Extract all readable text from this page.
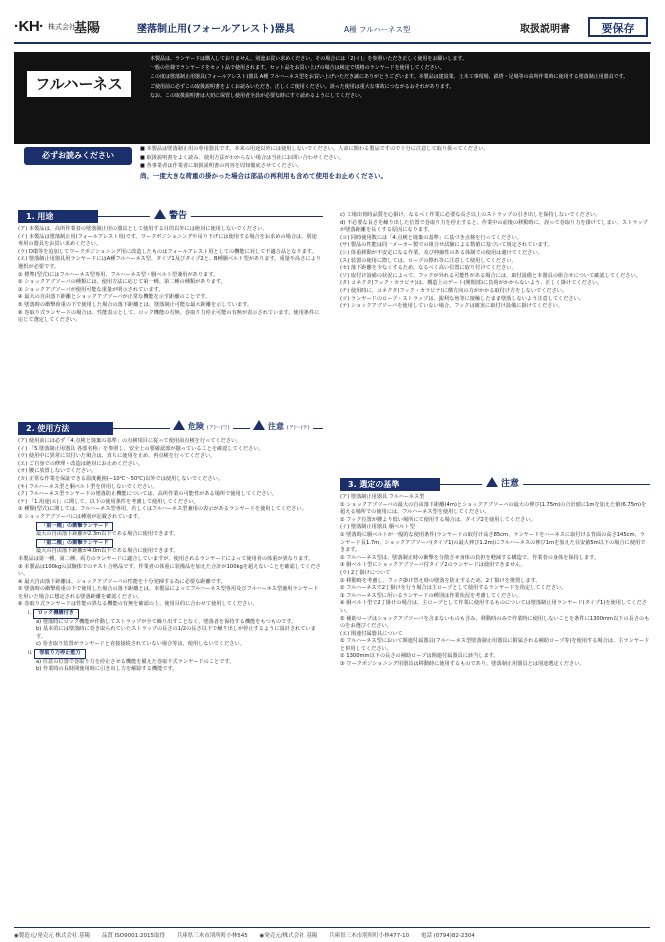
·KH· 株式会社
基陽	墜落制止用(フォールアレスト)器具	A種 フルハーネス型	取扱説明書	要保存
フルハーネス

本製品は、ランヤードは購入しておりません。別途お買い求めください。その場合には「2(イ)」を参照いただき正しく使用をお願いします。

一般の仕様でランヤードをセット品で使用されます。セット品をお買い上げの場合は検定で規格のランヤードを使用してください。

この度は墜落制止用器具(フォールアレスト)器具 A種 フルハーネス型をお買い上げいただき誠にありがとうございます。本製品は建設業、土木工事現場、鉄塔・足場等の高所作業時に使用する墜落制止用器具です。

ご使用前に必ずこの取扱説明書をよくお読みいただき、正しくご使用ください。誤った使用は重大な事故につながるおそれがあります。

なお、この取扱説明書は大切に保管し使用者全員が必要な時にすぐ読めるようにしてください。

必ずお読みください

■ 本製品は墜落制止用の専用器具です。本来の用途以外には使用しないでください。人命に関わる製品ですので十分に注意して取り扱ってください。

■ 取扱説明書をよく読み、使用方法がわからない場合は当社にお問い合わせください。

■ 各事業者は作業者に取扱説明書の内容を周知徹底させてください。

尚、一度大きな荷重の掛かった場合は部品の再利用も含めて使用をお止めください。

1. 用途	警告

(ア) 本製品は、高所作業者の墜落制止用の器具として使用する目的以外には絶対に使用しないでください。

(イ) 本製品は墜落制止用(フォールアレスト用)です。ワークポジショニングや吊り下げには使用する場合をお求めの場合は、別途 専用の器具をお買い求めください。

(ウ) D環等を追加してワークポジショニング用に改造したものはフォールアレスト用としての機能に対して不適合品となります。

(エ) 墜落制止用器具用ランヤードにはA種フルハーネス型、タイプ1及びタイプ2と、B種胴ベルト型があります。重量や高さにより選択が必要です。

① 標準(型式)にはフルハーネス型専用、フルハーネス型・胴ベルト型兼用があります。

② ショックアブソーバの種類には、使用方法に応じて第一種、第二種の種類があります。

③ ショックアブソーバが使用可能な重量が明示されています。

④ 最大の自由落下距離とショックアブソーバが正常な機能を示す距離のことです。

⑤ 墜落時の衝撃荷重の下で使用した場合の落下距離とは、墜落制止可能な最大距離を示しています。

⑥ 巻取り式ランヤードの場合は、性能表示として、ロック機能の有無、巻取り力停止可能の有無が表示されています。使用条件に応じて選定してください。

2. 使用方法	危険 (ア)～(ワ)	注意 (ヲ)～(テ)

(ア) 使用前には必ず「4.点検と廃棄の基準」の点検項目に従って使用前点検を行ってください。

(イ) 「5.墜落制止用器具 各部名称」を参照し、安全上の要確認部が揃っていることを確認してください。

(ウ) 使用中に異常に気付いた場合は、直ちに使用を止め、再点検を行ってください。

(エ) ご自身での修理・改造は絶対にお止めください。

(オ) 腰に放置しないでください。

(カ) 正常な作業を保証できる温度範囲(−10℃〜50℃)以外では使用しないでください。

(キ) フルハーネス型と胴ベルト型を併用しないでください。

(ク) フルハーネス型ランヤードの墜落防止機能については、高所作業の可能性がある場所で使用してください。

(ケ) 「1.用途(エ)」に関して、以下の使用条件を考慮して使用してください。

① 種類(型式)に関しては、フルハーネス型専用、若しくはフルハーネス型兼用の表示があるランヤードを使用してください。

② ショックアブソーバには種別が記載されています。

「第一種」の衝撃ランヤード

最大の自由落下距離が2.3m以下である場合に使用できます。

「第二種」の衝撃ランヤード

最大の自由落下距離が4.0m以下である場合に使用できます。

本製品は第一種、第二種、両方のランヤードに適合していますが、使用されるランヤードによって使用者の体重が異なります。

③ 本製品は100kgの試験体でのテスト合格品です。作業者の体重に装備品を加えた合計が100kgを超えないことを確認してください。

④ 最大自由落下距離は、ショックアブソーバの性能を十分発揮する為に必要な距離です。

⑤ 墜落時の衝撃荷重の下で使用した場合の落下距離とは、本製品によってフルハーネス型専用及びフルハーネス型兼用ランヤードを用いた場合に想定される墜落距離を確認ください。

⑥ 巻取り式ランヤードは性能の異なる機能の有無を確認の上、使用目的に合わせて使用してください。

i. ロック機構付き

a) 墜落時にロック機能が作動してストラップが全て繰り出すことなく、墜落者を保持する機能をもつものです。

b) 基本的には墜落時に巻き取られていたストラップの長さの1/2の長さ以下で繰り出しが停止するように設計されています。

c) 巻き取り装置がランヤードと直接接続されていない場合等は、使用しないでください。

ii. 巻取り力停止能力

a) 任意の位置で巻取り力を停止させる機能を備えた巻取り式ランヤードのことです。

b) 作業時の長時間使用時に引き出し力を解除する機能です。

c) 工場出荷時品質を心掛け、なるべく作業に必要な長さ以上のストラップの引き出しを保持しないでください。

d) 不必要な長さを繰り出した位置で巻取り力を停止すると、作業中の前後の移動時に、誤って巻取り力を掛けてしまい、ストラップが墜落距離を長くする原因になります。

(コ) 同時使用数には「4.点検と廃棄の基準」に基づき点検を行ってください。

(サ) 製品の性能は同一メーカー製での組合せ試験による数値に基づいて規定されています。

(シ) 体重移動が不安定になる作業、及び伸縮性のある体制での使用は避けてください。

(ス) 装置の使用に際しては、ロープの擦れ等に注意して使用してください。

(セ) 落下距離を少なくするため、なるべく高い位置に取り付けてください。

(ソ) 取付け設備の状況によって、フックが外れる可能性がある場合には、取付設備と本器具の組合せについて確認してください。

(タ) コネクタ(フック・カラビナ)は、構造上のゲート(開閉部)に負荷がかからないよう、正しく掛けてください。

(チ) 使用時に、コネクタ(フック・カラビナ)に横方向の力がかかる取付け方をしないでください。

(ツ) ランヤードのロープ・ストラップは、鋭利な角等に接触したまま墜落しないよう注意してください。

(テ) ショックアブソーバを使用していない場合、フックは確実に取付け設備に掛けてください。

3. 選定の基準	注意

(ア) 墜落制止用器具 フルハーネス型

① ショックアブソーバの最大の自由落下距離(4m)とショックアブソーバの最大の伸び(1.75m)の合計値に1mを加えた値(6.75m)を超える場所での使用には、フルハーネス型を使用してください。

② フック位置が腰より低い場所にて使用する場合は、タイプ2を使用してください。

(イ) 墜落制止用器具 胴ベルト型

① 墜落時に胴ベルトが一般的な使用条件(ランヤードの取付け高さ85cm、ランヤードをハーネスに取付ける背面の高さ145cm、ランヤード長1.7m、ショックアブソーバ(タイプ1)の最大伸び1.2m)にフルハーネスの伸び1mを加えた目安値5m以下の場合に使用できます。

② フルハーネス型は、墜落制止時の衝撃を分散させ身体の負担を軽減する構造で、作業者の身体を保持します。

③ 胴ベルト型にショックアブソーバ付タイプ2のランヤードは使用できません。

(ウ) 2丁掛けについて

① 移動時を考慮し、フック掛け替え時の墜落を防止するため、2丁掛けを推奨します。

② フルハーネスで2丁掛けを行う場合は主ロープとして使用するランヤードを指定してください。

③ フルハーネス型に用いるランヤードの種別は作業状況を考慮してください。

④ 胴ベルト型で2丁掛けの場合は、主ロープとして作業に使用するものについては墜落制止用ランヤード(タイプ1)を使用してください。

⑤ 補助ロープはショックアブソーバを含まないものも含み、移動時のみで作業時に使用しないことを条件に1300mm以下の長さのものをお選びください。

(エ) 関連付属器具について

① フルハーネス型において関連付属器具(フルハーネス型墜落制止用器具に附属される補助ロープ等)を使用する場合は、主ランヤードと併用してください。

② 1300mm以下の長さの補助ロープは関連付属器具に該当します。

③ ワークポジショニング用器具は移動時に使用するものであり、墜落制止用器具とは別途選定ください。

◉製造元/発売元 株式会社 基陽 品質 ISO9001:2015取得 兵庫県三木市別所町小林545 ◉発売元/株式会社 基陽 兵庫県三木市別所町小林477-10 電話 (0794)82-2304
